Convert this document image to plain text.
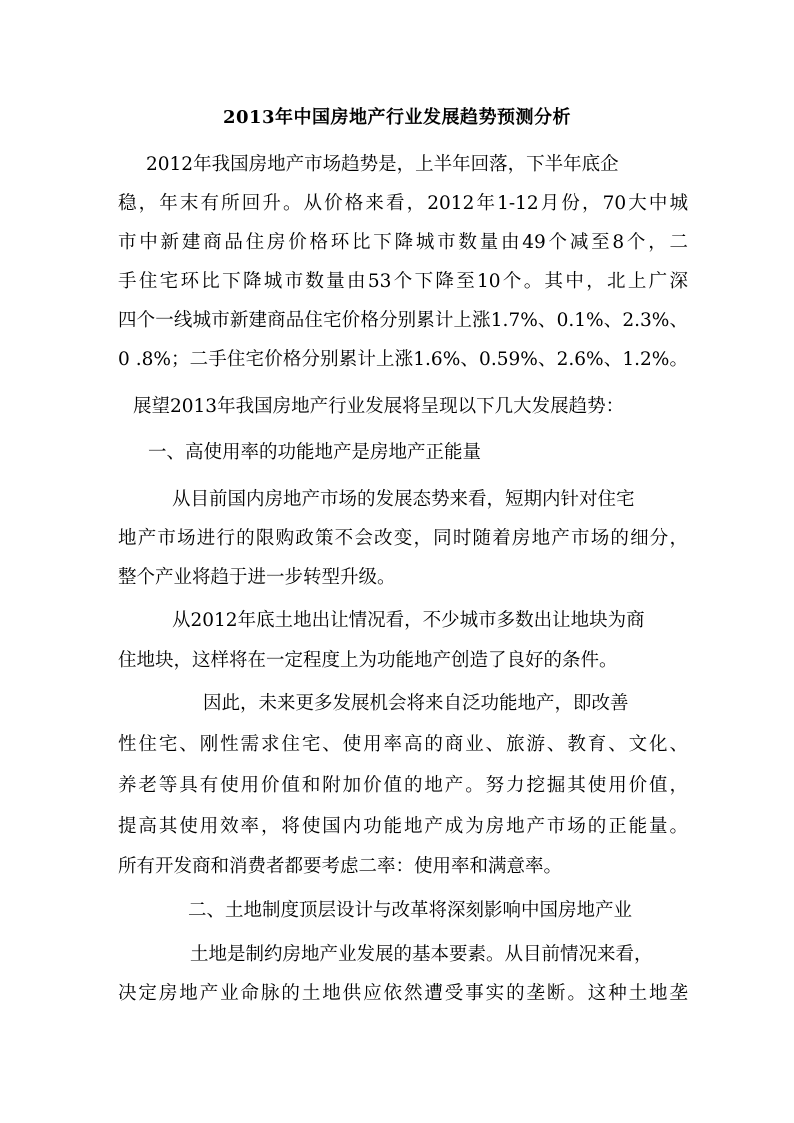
2013年中国房地产行业发展趋势预测分析
2012年我国房地产市场趋势是，上半年回落，下半年底企
稳，年末有所回升。从价格来看，2012年1-12月份，70大中城
市中新建商品住房价格环比下降城市数量由49个减至8个，二
手住宅环比下降城市数量由53个下降至10个。其中，北上广深
四个一线城市新建商品住宅价格分别累计上涨1.7%、0.1%、2.3%、
0 .8%；二手住宅价格分别累计上涨1.6%、0.59%、2.6%、1.2%。
展望2013年我国房地产行业发展将呈现以下几大发展趋势：
一、高使用率的功能地产是房地产正能量
从目前国内房地产市场的发展态势来看，短期内针对住宅
地产市场进行的限购政策不会改变，同时随着房地产市场的细分，
整个产业将趋于进一步转型升级。
从2012年底土地出让情况看，不少城市多数出让地块为商
住地块，这样将在一定程度上为功能地产创造了良好的条件。
因此，未来更多发展机会将来自泛功能地产，即改善
性住宅、刚性需求住宅、使用率高的商业、旅游、教育、文化、
养老等具有使用价值和附加价值的地产。努力挖掘其使用价值，
提高其使用效率，将使国内功能地产成为房地产市场的正能量。
所有开发商和消费者都要考虑二率：使用率和满意率。
二、土地制度顶层设计与改革将深刻影响中国房地产业
土地是制约房地产业发展的基本要素。从目前情况来看，
决定房地产业命脉的土地供应依然遭受事实的垄断。这种土地垄
